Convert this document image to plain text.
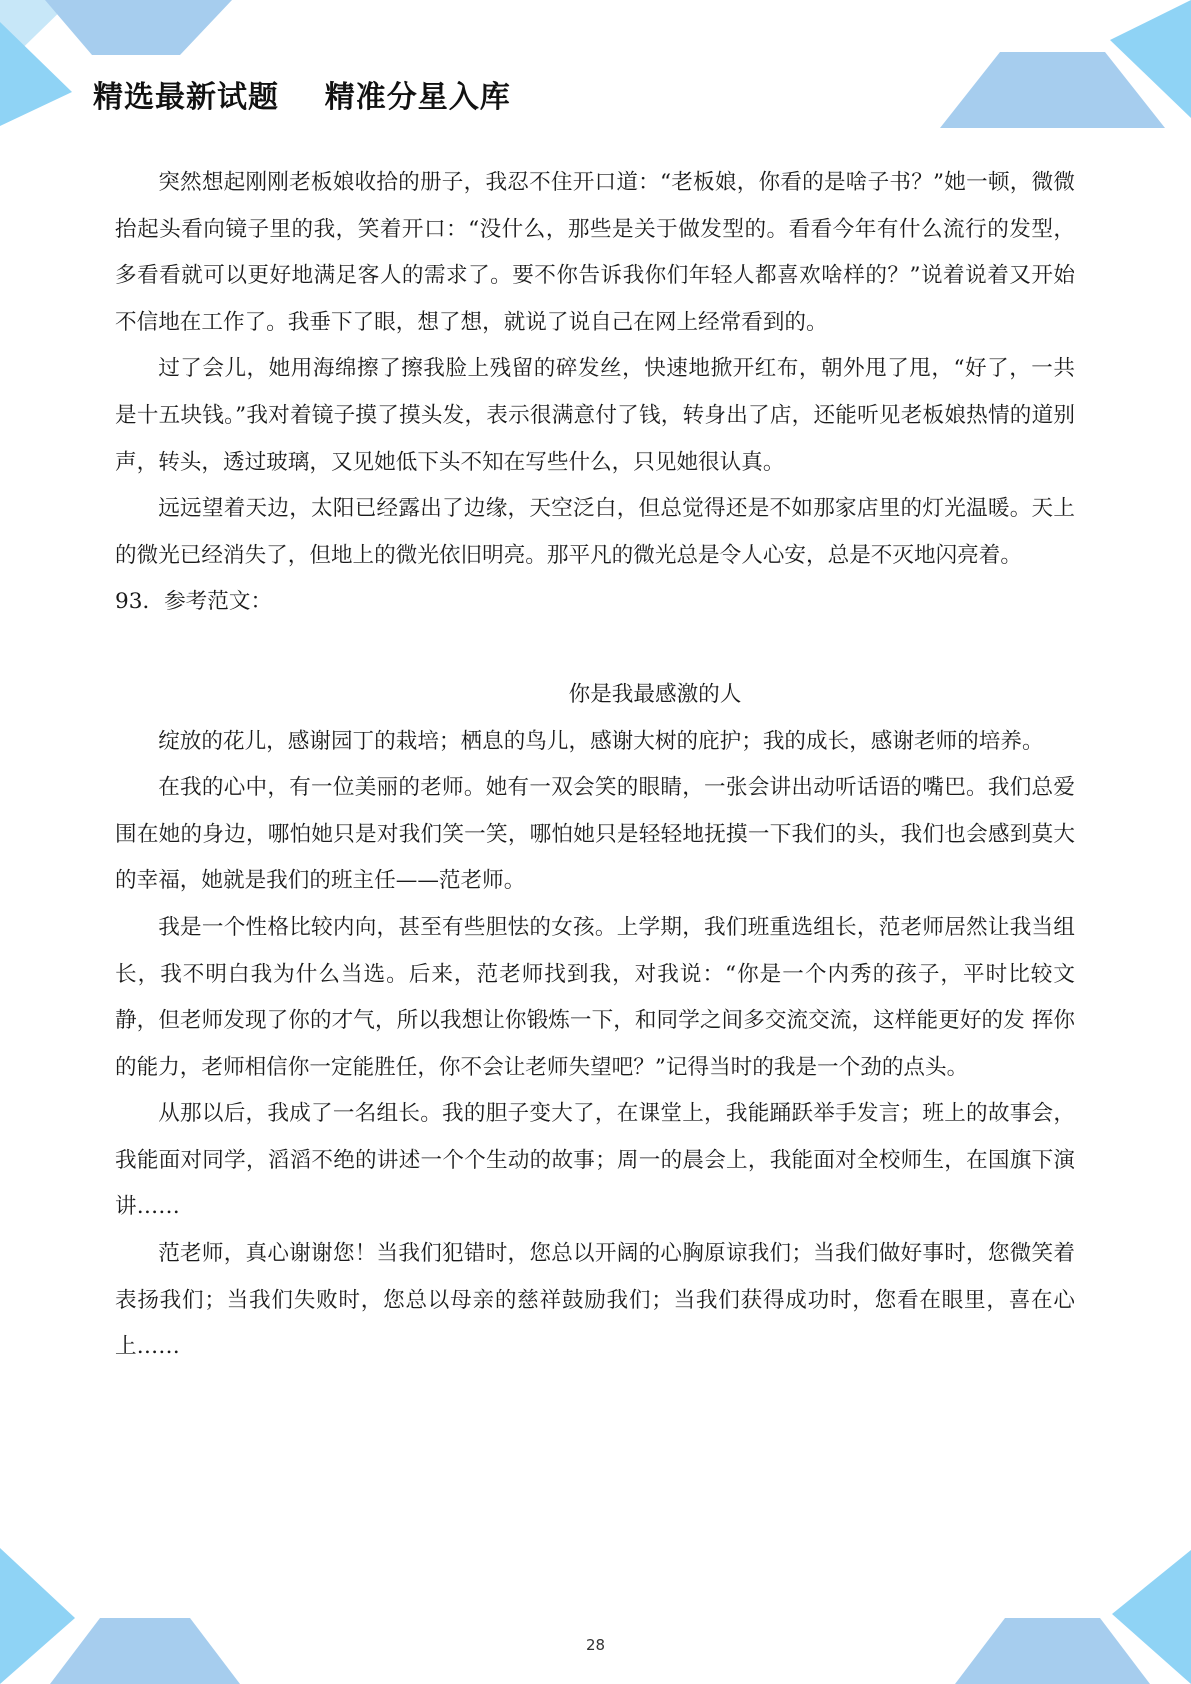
精选最新试题    精准分星入库

突然想起刚刚老板娘收拾的册子，我忍不住开口道：“老板娘，你看的是啥子书？”她一顿，微微抬起头看向镜子里的我，笑着开口：“没什么，那些是关于做发型的。看看今年有什么流行的发型，多看看就可以更好地满足客人的需求了。要不你告诉我你们年轻人都喜欢啥样的？”说着说着又开始不信地在工作了。我垂下了眼，想了想，就说了说自己在网上经常看到的。

过了会儿，她用海绵擦了擦我脸上残留的碎发丝，快速地掀开红布，朝外甩了甩，“好了，一共是十五块钱。”我对着镜子摸了摸头发，表示很满意付了钱，转身出了店，还能听见老板娘热情的道别声，转头，透过玻璃，又见她低下头不知在写些什么，只见她很认真。

远远望着天边，太阳已经露出了边缘，天空泛白，但总觉得还是不如那家店里的灯光温暖。天上的微光已经消失了，但地上的微光依旧明亮。那平凡的微光总是令人心安，总是不灭地闪亮着。

93．参考范文：

你是我最感激的人

绽放的花儿，感谢园丁的栽培；栖息的鸟儿，感谢大树的庇护；我的成长，感谢老师的培养。

在我的心中，有一位美丽的老师。她有一双会笑的眼睛，一张会讲出动听话语的嘴巴。我们总爱围在她的身边，哪怕她只是对我们笑一笑，哪怕她只是轻轻地抚摸一下我们的头，我们也会感到莫大的幸福，她就是我们的班主任——范老师。

我是一个性格比较内向，甚至有些胆怯的女孩。上学期，我们班重选组长，范老师居然让我当组长，我不明白我为什么当选。后来，范老师找到我，对我说：“你是一个内秀的孩子，平时比较文静，但老师发现了你的才气，所以我想让你锻炼一下，和同学之间多交流交流，这样能更好的发 挥你的能力，老师相信你一定能胜任，你不会让老师失望吧？”记得当时的我是一个劲的点头。

从那以后，我成了一名组长。我的胆子变大了，在课堂上，我能踊跃举手发言；班上的故事会，我能面对同学，滔滔不绝的讲述一个个生动的故事；周一的晨会上，我能面对全校师生，在国旗下演讲……

范老师，真心谢谢您！当我们犯错时，您总以开阔的心胸原谅我们；当我们做好事时，您微笑着表扬我们；当我们失败时，您总以母亲的慈祥鼓励我们；当我们获得成功时，您看在眼里，喜在心上……

28
